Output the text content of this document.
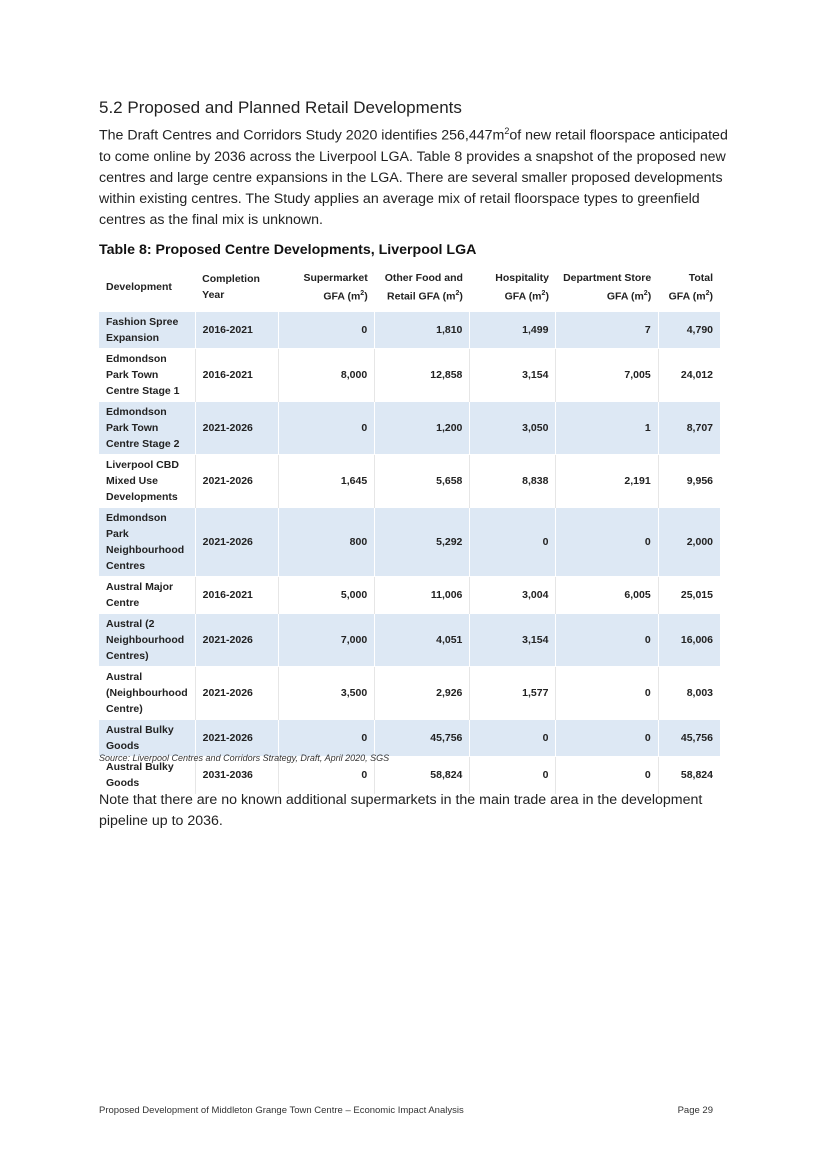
5.2 Proposed and Planned Retail Developments
The Draft Centres and Corridors Study 2020 identifies $256,447m^2of$ new retail floorspace anticipated to come online by 2036 across the Liverpool LGA. Table 8 provides a snapshot of the proposed new centres and large centre expansions in the LGA. There are several smaller proposed developments within existing centres. The Study applies an average mix of retail floorspace types to greenfield centres as the final mix is unknown.
Table 8: Proposed Centre Developments, Liverpool LGA
Development	Completion Year	Supermarket GFA $(m^2)$	Other Food and Retail GFA $(m^2)$	Hospitality GFA $(m^2)$	Department Store GFA $(m^2)$	Total GFA $(m^2)$
Fashion Spree Expansion	2016-2021	0	1,810	1,499	7	4,790
Edmondson Park Town Centre Stage 1	2016-2021	8,000	12,858	3,154	7,005	24,012
Edmondson Park Town Centre Stage 2	2021-2026	0	1,200	3,050	1	8,707
Liverpool CBD Mixed Use Developments	2021-2026	1,645	5,658	8,838	2,191	9,956
Edmondson Park Neighbourhood Centres	2021-2026	800	5,292	0	0	2,000
Austral Major Centre	2016-2021	5,000	11,006	3,004	6,005	25,015
Austral (2 Neighbourhood Centres)	2021-2026	7,000	4,051	3,154	0	16,006
Austral (Neighbourhood Centre)	2021-2026	3,500	2,926	1,577	0	8,003
Austral Bulky Goods	2021-2026	0	45,756	0	0	45,756
Austral Bulky Goods	2031-2036	0	58,824	0	0	58,824
Source: Liverpool Centres and Corridors Strategy, Draft, April 2020, SGS
Note that there are no known additional supermarkets in the main trade area in the development pipeline up to 2036.
Proposed Development of Middleton Grange Town Centre – Economic Impact Analysis	Page 29
